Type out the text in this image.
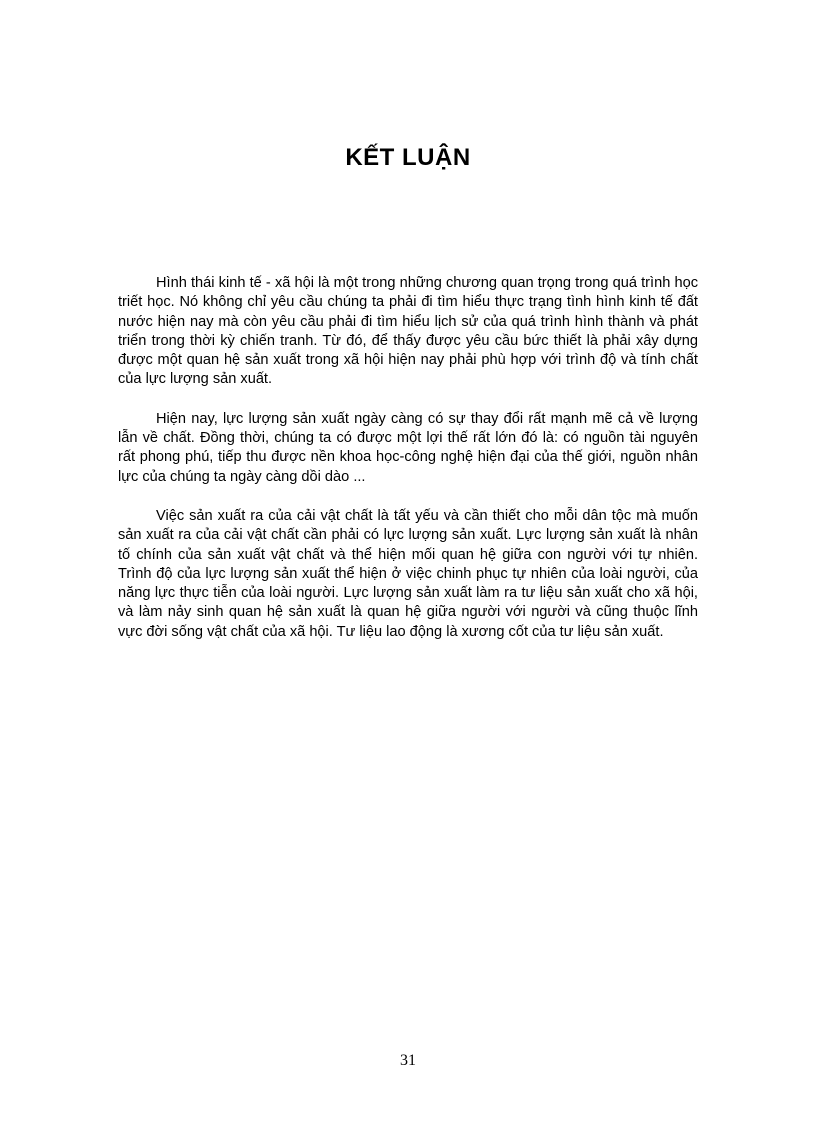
KẾT LUẬN

Hình thái kinh tế - xã hội là một trong những chương quan trọng trong quá trình học triết học. Nó không chỉ yêu cầu chúng ta phải đi tìm hiểu thực trạng tình hình kinh tế đất nước hiện nay mà còn yêu cầu phải đi tìm hiểu lịch sử của quá trình hình thành và phát triển trong thời kỳ chiến tranh. Từ đó, để thấy được yêu cầu bức thiết là phải xây dựng được một quan hệ sản xuất trong xã hội hiện nay phải phù hợp với trình độ và tính chất của lực lượng sản xuất.

Hiện nay, lực lượng sản xuất ngày càng có sự thay đổi rất mạnh mẽ cả về lượng lẫn về chất. Đồng thời, chúng ta có được một lợi thế rất lớn đó là: có nguồn tài nguyên rất phong phú, tiếp thu được nền khoa học-công nghệ hiện đại của thế giới, nguồn nhân lực của chúng ta ngày càng dồi dào ...

Việc sản xuất ra của cải vật chất là tất yếu và cần thiết cho mỗi dân tộc mà muốn sản xuất ra của cải vật chất cần phải có lực lượng sản xuất. Lực lượng sản xuất là nhân tố chính của sản xuất vật chất và thể hiện mối quan hệ giữa con người với tự nhiên. Trình độ của lực lượng sản xuất thể hiện ở việc chinh phục tự nhiên của loài người, của năng lực thực tiễn của loài người. Lực lượng sản xuất làm ra tư liệu sản xuất cho xã hội, và làm nảy sinh quan hệ sản xuất là quan hệ giữa người với người và cũng thuộc lĩnh vực đời sống vật chất của xã hội. Tư liệu lao động là xương cốt của tư liệu sản xuất.

31
